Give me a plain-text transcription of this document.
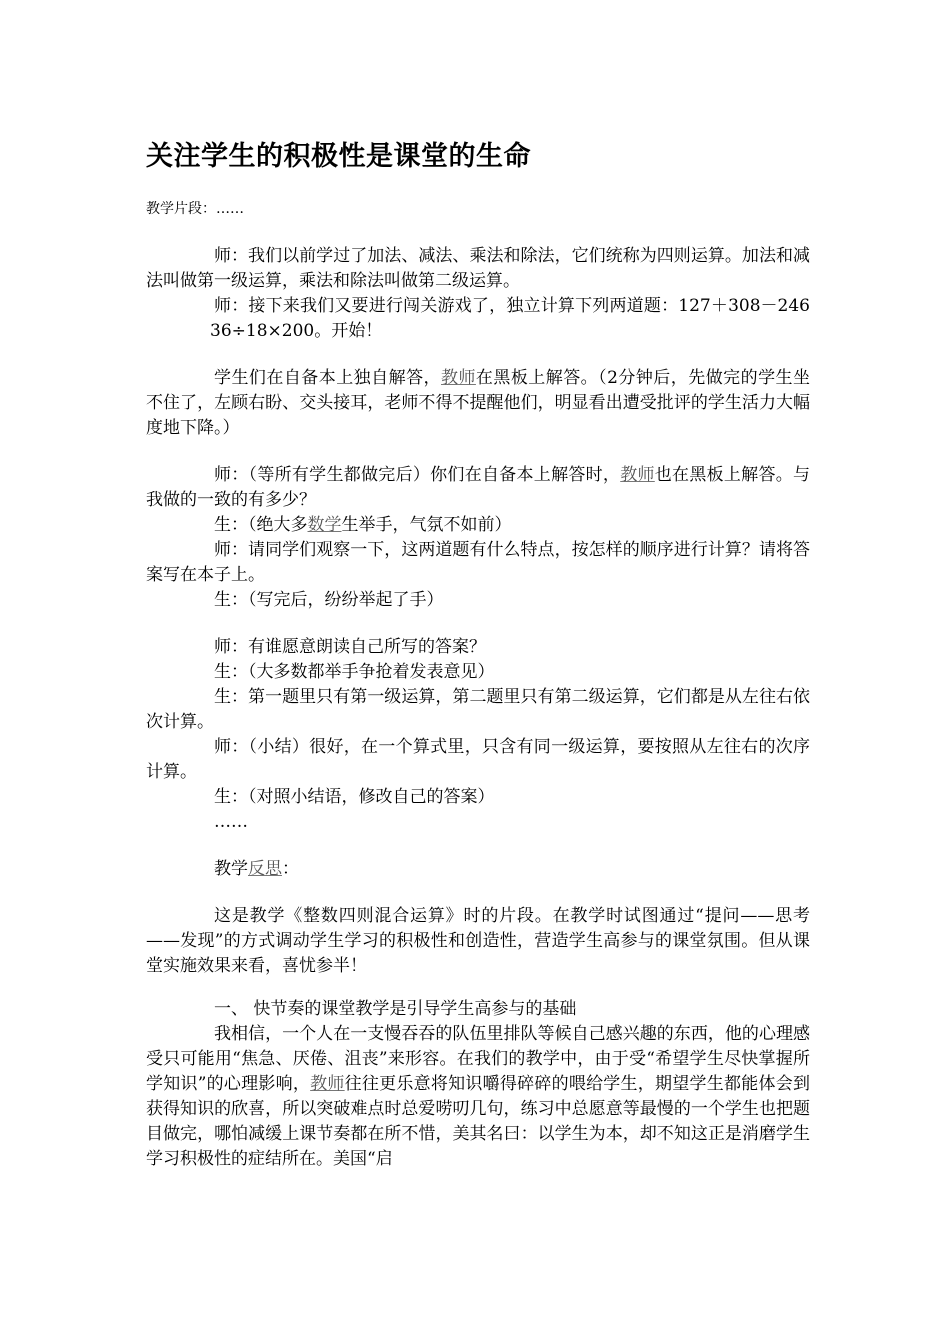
关注学生的积极性是课堂的生命
教学片段：……

师：我们以前学过了加法、减法、乘法和除法，它们统称为四则运算。加法和减法叫做第一级运算，乘法和除法叫做第二级运算。

师：接下来我们又要进行闯关游戏了，独立计算下列两道题：127＋308－24636÷18×200。开始！

学生们在自备本上独自解答，教师在黑板上解答。（2分钟后，先做完的学生坐不住了，左顾右盼、交头接耳，老师不得不提醒他们，明显看出遭受批评的学生活力大幅度地下降。）

师：（等所有学生都做完后）你们在自备本上解答时，教师也在黑板上解答。与我做的一致的有多少？

生：（绝大多数学生举手，气氛不如前）

师：请同学们观察一下，这两道题有什么特点，按怎样的顺序进行计算？请将答案写在本子上。

生：（写完后，纷纷举起了手）

师：有谁愿意朗读自己所写的答案？

生：（大多数都举手争抢着发表意见）

生：第一题里只有第一级运算，第二题里只有第二级运算，它们都是从左往右依次计算。

师：（小结）很好，在一个算式里，只含有同一级运算，要按照从左往右的次序计算。

生：（对照小结语，修改自己的答案）

……

教学反思：

这是教学《整数四则混合运算》时的片段。在教学时试图通过“提问——思考——发现”的方式调动学生学习的积极性和创造性，营造学生高参与的课堂氛围。但从课堂实施效果来看，喜忧参半！

一、 快节奏的课堂教学是引导学生高参与的基础

我相信，一个人在一支慢吞吞的队伍里排队等候自己感兴趣的东西，他的心理感受只可能用“焦急、厌倦、沮丧”来形容。在我们的教学中，由于受“希望学生尽快掌握所学知识”的心理影响，教师往往更乐意将知识嚼得碎碎的喂给学生，期望学生都能体会到获得知识的欣喜，所以突破难点时总爱唠叨几句，练习中总愿意等最慢的一个学生也把题目做完，哪怕减缓上课节奏都在所不惜，美其名曰：以学生为本，却不知这正是消磨学生学习积极性的症结所在。美国“启
